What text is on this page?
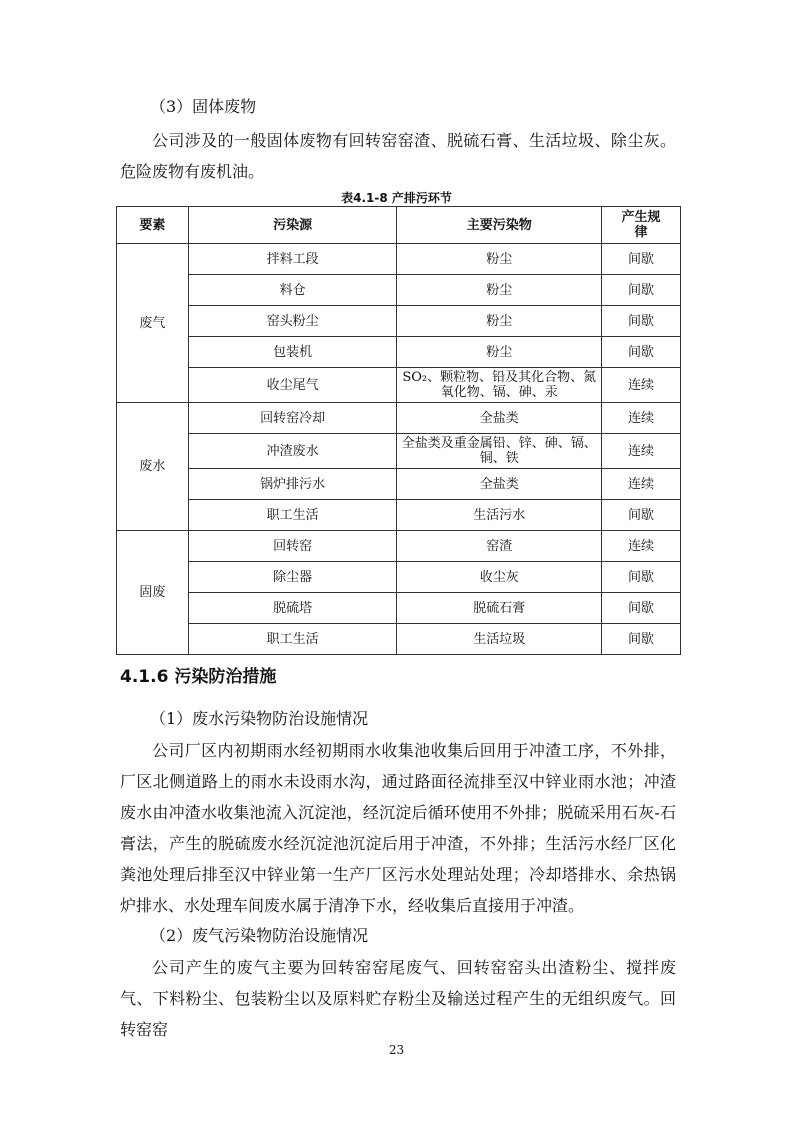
（3）固体废物
公司涉及的一般固体废物有回转窑窑渣、脱硫石膏、生活垃圾、除尘灰。危险废物有废机油。
表4.1-8 产排污环节
要素	污染源	主要污染物	产生规律
废气	拌料工段	粉尘	间歇
	料仓	粉尘	间歇
	窑头粉尘	粉尘	间歇
	包装机	粉尘	间歇
	收尘尾气	SO₂、颗粒物、铅及其化合物、氮氧化物、镉、砷、汞	连续
废水	回转窑冷却	全盐类	连续
	冲渣废水	全盐类及重金属铅、锌、砷、镉、铜、铁	连续
	锅炉排污水	全盐类	连续
	职工生活	生活污水	间歇
固废	回转窑	窑渣	连续
	除尘器	收尘灰	间歇
	脱硫塔	脱硫石膏	间歇
	职工生活	生活垃圾	间歇
4.1.6 污染防治措施
（1）废水污染物防治设施情况
公司厂区内初期雨水经初期雨水收集池收集后回用于冲渣工序，不外排，厂区北侧道路上的雨水未设雨水沟，通过路面径流排至汉中锌业雨水池；冲渣废水由冲渣水收集池流入沉淀池，经沉淀后循环使用不外排；脱硫采用石灰-石膏法，产生的脱硫废水经沉淀池沉淀后用于冲渣，不外排；生活污水经厂区化粪池处理后排至汉中锌业第一生产厂区污水处理站处理；冷却塔排水、余热锅炉排水、水处理车间废水属于清净下水，经收集后直接用于冲渣。
（2）废气污染物防治设施情况
公司产生的废气主要为回转窑窑尾废气、回转窑窑头出渣粉尘、搅拌废气、下料粉尘、包装粉尘以及原料贮存粉尘及输送过程产生的无组织废气。回转窑窑
23
